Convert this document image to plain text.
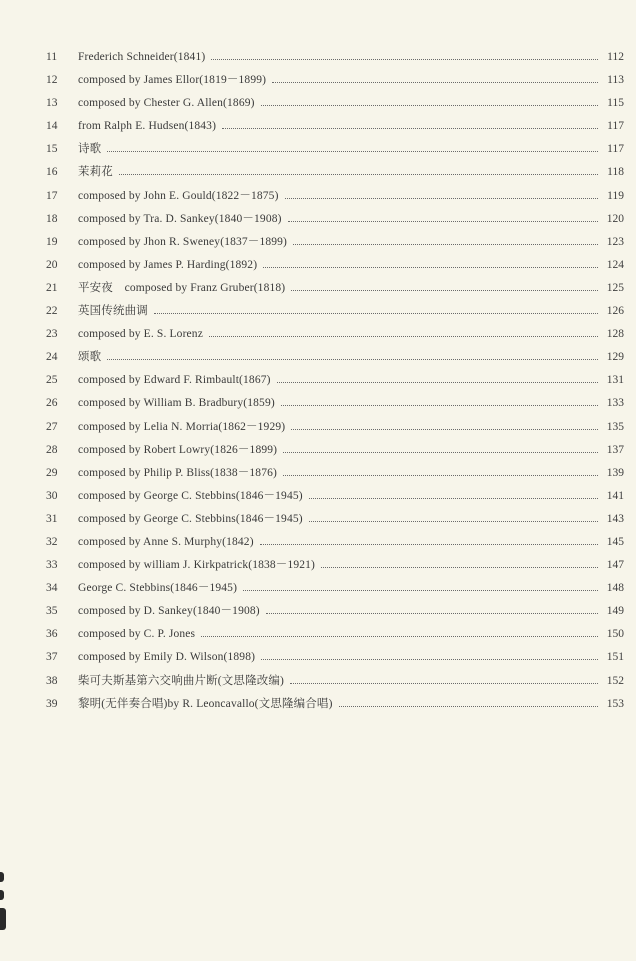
11	Frederich Schneider(1841)	112
12	composed by James Ellor(1819－1899)	113
13	composed by Chester G. Allen(1869)	115
14	from Ralph E. Hudsen(1843)	117
15	诗歌	117
16	茉莉花	118
17	composed by John E. Gould(1822－1875)	119
18	composed by Tra. D. Sankey(1840－1908)	120
19	composed by Jhon R. Sweney(1837－1899)	123
20	composed by James P. Harding(1892)	124
21	平安夜　composed by Franz Gruber(1818)	125
22	英国传统曲调	126
23	composed by E. S. Lorenz	128
24	颂歌	129
25	composed by Edward F. Rimbault(1867)	131
26	composed by William B. Bradbury(1859)	133
27	composed by Lelia N. Morria(1862－1929)	135
28	composed by Robert Lowry(1826－1899)	137
29	composed by Philip P. Bliss(1838－1876)	139
30	composed by George C. Stebbins(1846－1945)	141
31	composed by George C. Stebbins(1846－1945)	143
32	composed by Anne S. Murphy(1842)	145
33	composed by william J. Kirkpatrick(1838－1921)	147
34	George C. Stebbins(1846－1945)	148
35	composed by D. Sankey(1840－1908)	149
36	composed by C. P. Jones	150
37	composed by Emily D. Wilson(1898)	151
38	柴可夫斯基第六交响曲片断(文思隆改编)	152
39	黎明(无伴奏合唱)by R. Leoncavallo(文思隆编合唱)	153
